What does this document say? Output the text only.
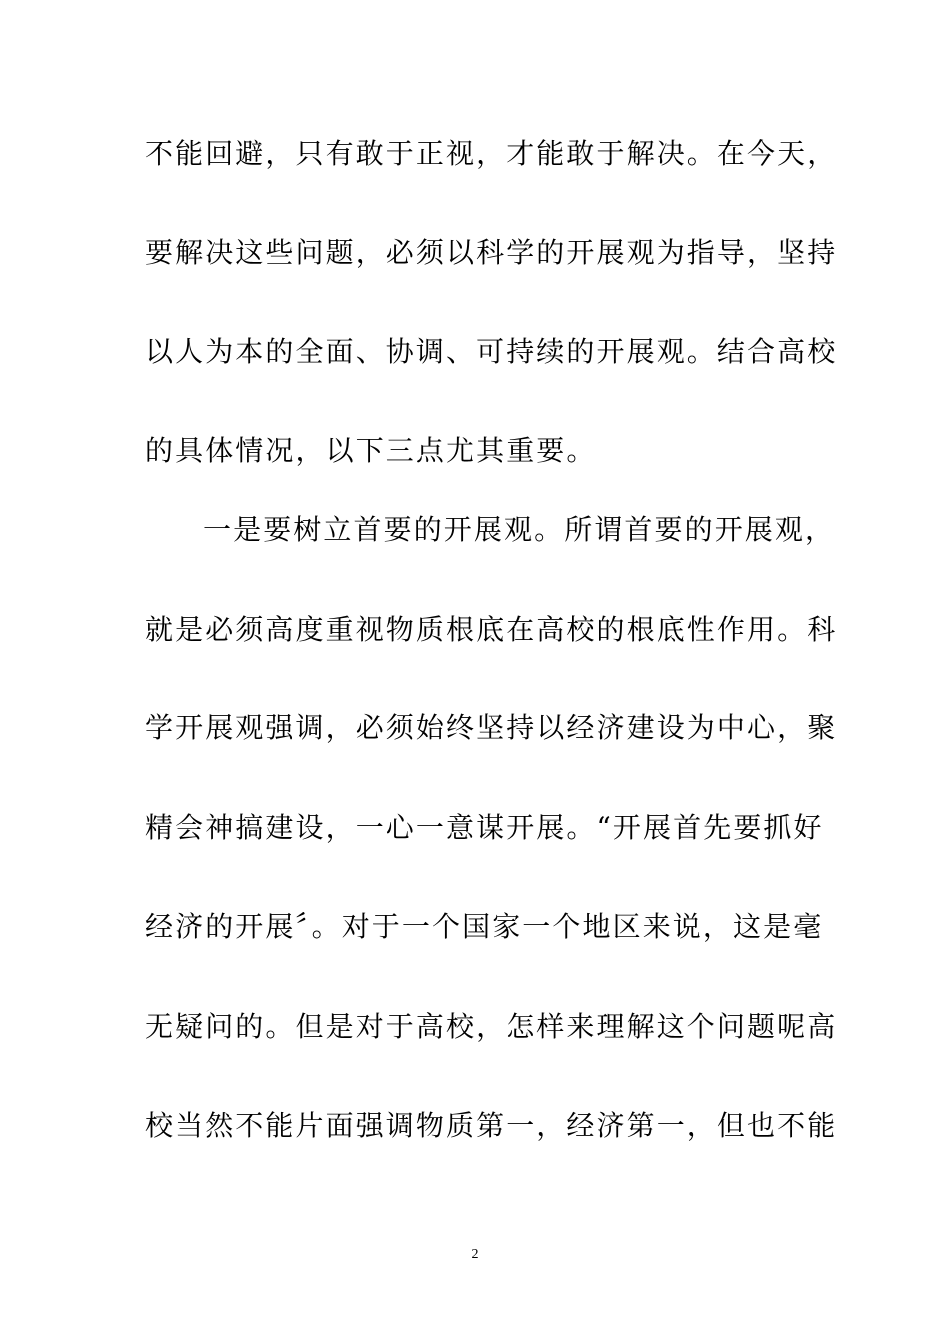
不能回避，只有敢于正视，才能敢于解决。在今天，
要解决这些问题，必须以科学的开展观为指导，坚持
以人为本的全面、协调、可持续的开展观。结合高校
的具体情况，以下三点尤其重要。
一是要树立首要的开展观。所谓首要的开展观，
就是必须高度重视物质根底在高校的根底性作用。科
学开展观强调，必须始终坚持以经济建设为中心，聚
精会神搞建设，一心一意谋开展。“开展首先要抓好
经济的开展〞。对于一个国家一个地区来说，这是毫
无疑问的。但是对于高校，怎样来理解这个问题呢高
校当然不能片面强调物质第一，经济第一，但也不能
2
